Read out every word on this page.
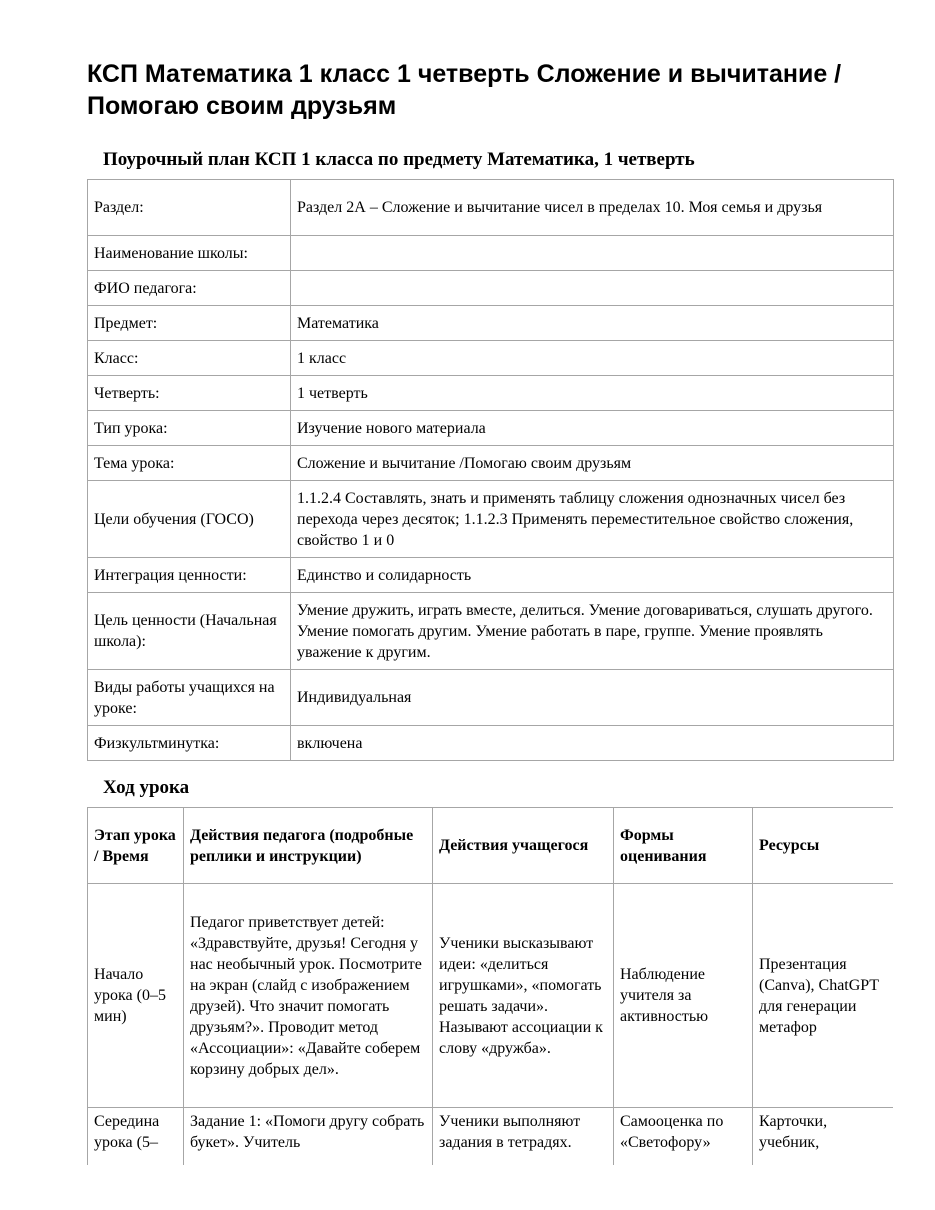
КСП Математика 1 класс 1 четверть Сложение и вычитание /Помогаю своим друзьям
Поурочный план КСП 1 класса по предмету Математика, 1 четверть
Раздел:	Раздел 2А – Сложение и вычитание чисел в пределах 10. Моя семья и друзья
Наименование школы:	
ФИО педагога:	
Предмет:	Математика
Класс:	1 класс
Четверть:	1 четверть
Тип урока:	Изучение нового материала
Тема урока:	Сложение и вычитание /Помогаю своим друзьям
Цели обучения (ГОСО)	1.1.2.4 Составлять, знать и применять таблицу сложения однозначных чисел без перехода через десяток; 1.1.2.3 Применять переместительное свойство сложения, свойство 1 и 0
Интеграция ценности:	Единство и солидарность
Цель ценности (Начальная школа):	Умение дружить, играть вместе, делиться. Умение договариваться, слушать другого. Умение помогать другим. Умение работать в паре, группе. Умение проявлять уважение к другим.
Виды работы учащихся на уроке:	Индивидуальная
Физкультминутка:	включена
Ход урока
Этап урока / Время	Действия педагога (подробные реплики и инструкции)	Действия учащегося	Формы оценивания	Ресурсы
Начало урока (0–5 мин)	Педагог приветствует детей: «Здравствуйте, друзья! Сегодня у нас необычный урок. Посмотрите на экран (слайд с изображением друзей). Что значит помогать друзьям?». Проводит метод «Ассоциации»: «Давайте соберем корзину добрых дел».	Ученики высказывают идеи: «делиться игрушками», «помогать решать задачи». Называют ассоциации к слову «дружба».	Наблюдение учителя за активностью	Презентация (Canva), ChatGPT для генерации метафор
Середина урока (5–	Задание 1: «Помоги другу собрать букет». Учитель	Ученики выполняют задания в тетрадях.	Самооценка по «Светофору»	Карточки, учебник,
